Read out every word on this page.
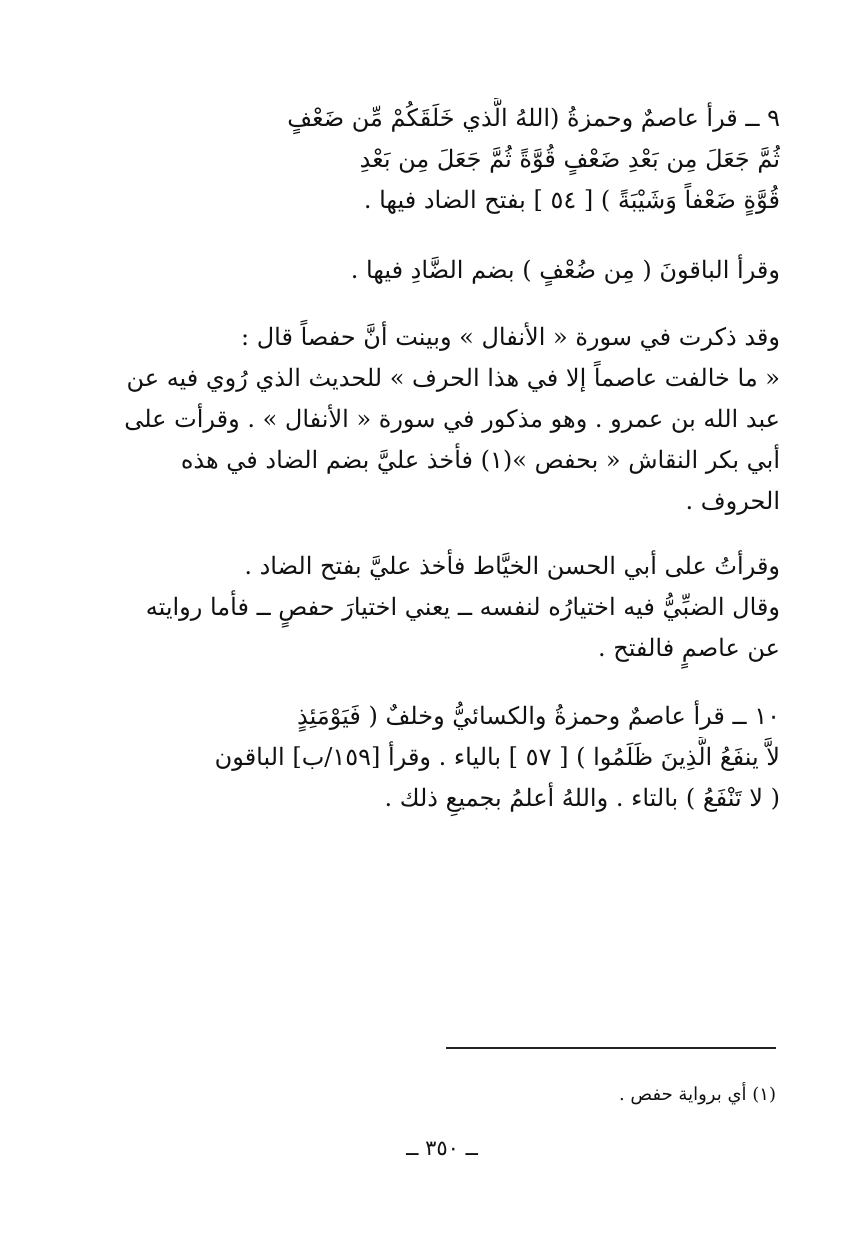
٩ ــ قرأ عاصمٌ وحمزةُ (اللهُ الَّذي خَلَقَكُمْ مِّن ضَعْفٍ
ثُمَّ جَعَلَ مِن بَعْدِ ضَعْفٍ قُوَّةً ثُمَّ جَعَلَ مِن بَعْدِ
قُوَّةٍ ضَعْفاً وَشَيْبَةً ) [ ٥٤ ] بفتح الضاد فيها .
وقرأ الباقونَ ( مِن ضُعْفٍ ) بضم الضَّادِ فيها .
وقد ذكرت في سورة « الأنفال » وبينت أنَّ حفصاً قال :
« ما خالفت عاصماً إلا في هذا الحرف » للحديث الذي رُوي فيه عن
عبد الله بن عمرو . وهو مذكور في سورة « الأنفال » . وقرأت على
أبي بكر النقاش « بحفص »(١) فأخذ عليَّ بضم الضاد في هذه
الحروف .
وقرأتُ على أبي الحسن الخيَّاط فأخذ عليَّ بفتح الضاد .
وقال الضبِّيُّ فيه اختيارُه لنفسه ــ يعني اختيارَ حفصٍ ــ فأما روايته
عن عاصمٍ فالفتح .
١٠ ــ قرأ عاصمٌ وحمزةُ والكسائيُّ وخلفٌ ( فَيَوْمَئِذٍ
لاَّ ينفَعُ الَّذِينَ ظَلَمُوا ) [ ٥٧ ] بالياء . وقرأ [١٥٩/ب] الباقون
( لا تَنْفَعُ ) بالتاء . واللهُ أعلمُ بجميعِ ذلك .
(١) أي برواية حفص .
ــ ٣٥٠ ــ
